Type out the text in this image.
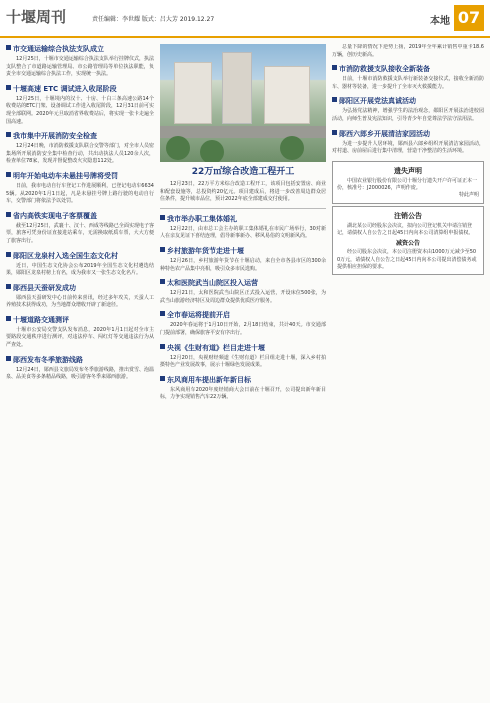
十堰周刊	责任编辑：李世耀 版式：吕大芳 2019.12.27	本地 07
市交通运输综合执法支队成立
12月25日，十堰市交通运输综合执法支队举行挂牌仪式，执法支队整合了市道路运输管理局、市公路管理局等单位执法职能，负责全市交通运输综合执法工作，实现统一执法。
十堰高速 ETC 调试进入收尾阶段
12月25日，十堰境内的汉十、十房、十白三条高速公路14个收费站的ETC门架、设备调试工作进入收尾阶段，12月31日前可实现全部联网。2020年元旦取消省界收费站后，将实现一张卡走遍全国高速。
我市集中开展消防安全检查
12月24日晚，市消防救援支队联合交警等部门，对全市人员密集场所开展消防安全集中检查行动，共出动执法人员120余人次，检查单位78家，发现并督促整改火灾隐患112处。
明年开始电动车未悬挂号牌将受罚
日前，我市电动自行车登记工作进展顺利，已登记电动车66345辆。从2020年1月1日起，凡是未悬挂号牌上路行驶的电动自行车，交警部门将依法予以处罚。
省内高铁实现电子客票覆盖
截至12月25日，武襄十、汉十、西成等线路已全面实现电子客票，旅客可凭身份证直接进站乘车，无需换取纸质车票，大大方便了旅客出行。
郧阳区龙泉村入选全国生态文化村
近日，中国生态文化协会公布2019年全国生态文化村遴选结果，郧阳区龙泉村榜上有名，成为我市又一张生态文化名片。
郧西县天蚕研发成功
郧西县天蚕研发中心日前传来喜讯，经过多年攻关，天蚕人工养殖技术获得成功，为当地群众增收开辟了新途径。
十堰道路交通测评
十堰市公安局交警支队发布消息，2020年1月1日起对全市主要路段交通秩序进行测评，对违法停车、闯红灯等交通违法行为从严查处。
郧西发布冬季旅游线路
12月24日，郧西县文旅局发布冬季旅游线路，推出赏雪、泡温泉、品美食等多条精品线路，吸引游客冬季来郧西旅游。
22万㎡综合改造工程开工
12月23日，22万平方米综合改造工程开工，该项目包括安置房、商业和配套设施等，总投资约20亿元。项目建成后，将进一步改善周边群众居住条件，提升城市品位，预计2022年底全部建成交付使用。
我市举办职工集体婚礼
12月22日，由市总工会主办的职工集体婚礼在市民广场举行，30对新人在亲友见证下喜结连理，倡导新事新办、移风易俗的文明新风尚。
乡村旅游年货节走进十堰
12月26日，乡村旅游年货节在十堰启动，来自全市各县市区的300余种特色农产品集中亮相，吸引众多市民选购。
太和医院武当山院区投入运营
12月21日，太和医院武当山院区正式投入运营，开设床位500张，为武当山旅游经济特区及周边群众提供优质医疗服务。
全市春运将提前开启
2020年春运将于1月10日开始，2月18日结束，共计40天。市交通部门提前部署，确保旅客平安有序出行。
央视《生财有道》栏目走进十堰
12月20日，央视财经频道《生财有道》栏目组走进十堰，深入乡村拍摄特色产业发展故事，展示十堰绿色发展成果。
东风商用车提出新年新目标
东风商用车2020年度经销商大会日前在十堰召开，公司提出新年新目标，力争实现销售汽车22万辆。
总量下降的情况下逆势上扬，2019年全年累计销售中重卡18.6万辆，创历史新高。
市消防救援支队接收全新装备
日前，十堰市消防救援支队举行新装备交接仪式，接收全新消防车、器材等装备，进一步提升了全市灭火救援能力。
郧阳区开展党法真诚活动
为弘扬党法精神，增强学生的法治观念，郧阳区开展法治进校园活动，向师生普及宪法知识，引导青少年自觉尊法学法守法用法。
郧西六郎乡开展清洁家园活动
为进一步提升人居环境，郧西县六郎乡组织开展清洁家园活动，对村道、房前屋后进行集中清理，营造干净整洁的生活环境。
遗失声明
中国农业银行股份有限公司十堰分行遗失开户许可证正本一份，核准号：J2000026，声明作废。
特此声明
注销公告
湖北某公司经股东会决议，拟向公司登记机关申请注销登记，请债权人自公告之日起45日内向本公司清算组申报债权。
减资公告
经公司股东会决议，本公司注册资本由1000万元减少至500万元，请债权人自公告之日起45日内向本公司提出清偿债务或提供相应担保的要求。
